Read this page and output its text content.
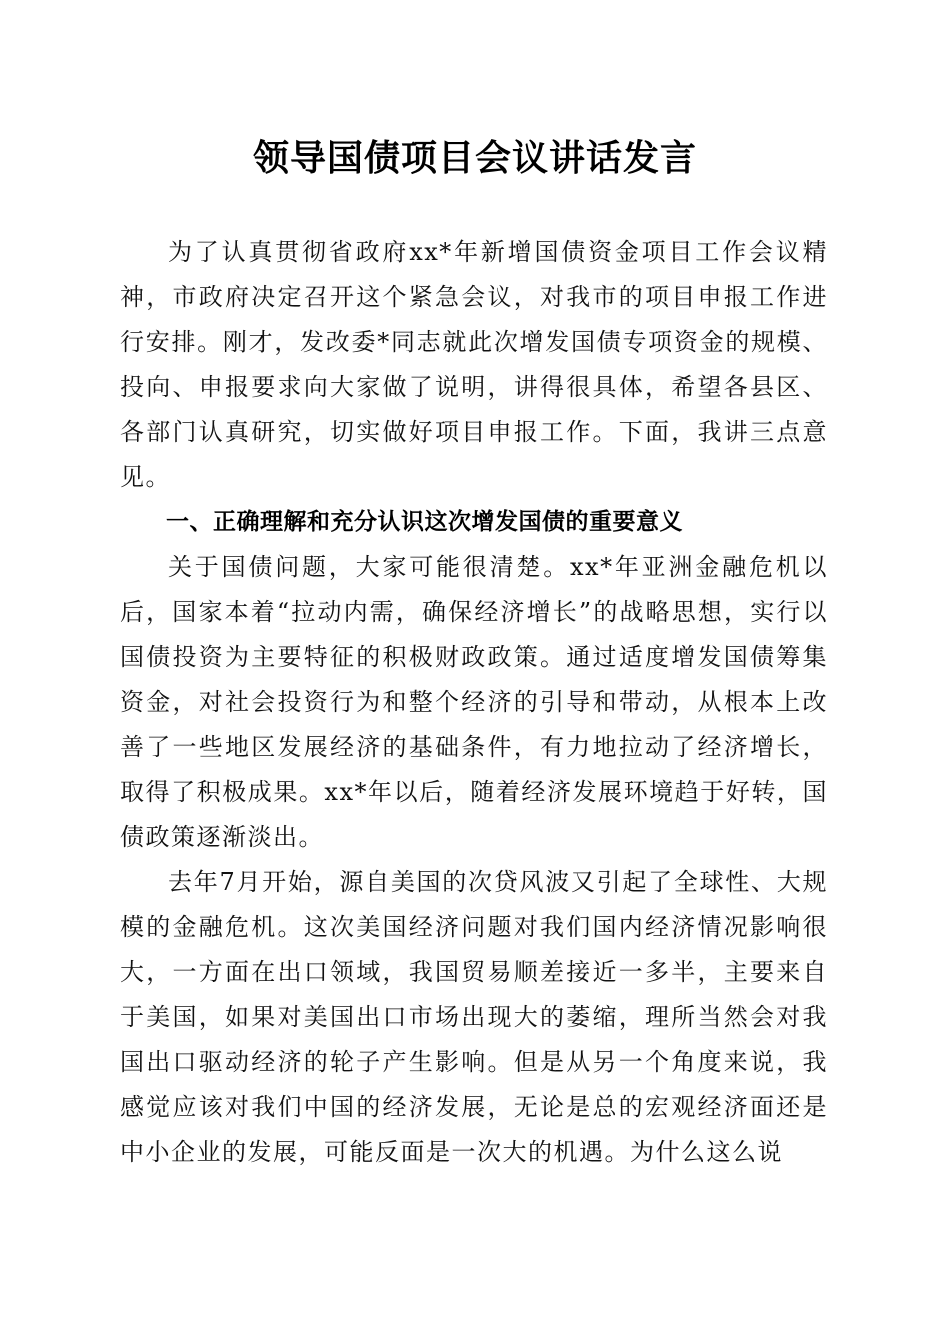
领导国债项目会议讲话发言

为了认真贯彻省政府xx*年新增国债资金项目工作会议精神，市政府决定召开这个紧急会议，对我市的项目申报工作进行安排。刚才，发改委*同志就此次增发国债专项资金的规模、投向、申报要求向大家做了说明，讲得很具体，希望各县区、各部门认真研究，切实做好项目申报工作。下面，我讲三点意见。

一、正确理解和充分认识这次增发国债的重要意义

关于国债问题，大家可能很清楚。xx*年亚洲金融危机以后，国家本着“拉动内需，确保经济增长”的战略思想，实行以国债投资为主要特征的积极财政政策。通过适度增发国债筹集资金，对社会投资行为和整个经济的引导和带动，从根本上改善了一些地区发展经济的基础条件，有力地拉动了经济增长，取得了积极成果。xx*年以后，随着经济发展环境趋于好转，国债政策逐渐淡出。

去年7月开始，源自美国的次贷风波又引起了全球性、大规模的金融危机。这次美国经济问题对我们国内经济情况影响很大，一方面在出口领域，我国贸易顺差接近一多半，主要来自于美国，如果对美国出口市场出现大的萎缩，理所当然会对我国出口驱动经济的轮子产生影响。但是从另一个角度来说，我感觉应该对我们中国的经济发展，无论是总的宏观经济面还是中小企业的发展，可能反面是一次大的机遇。为什么这么说
